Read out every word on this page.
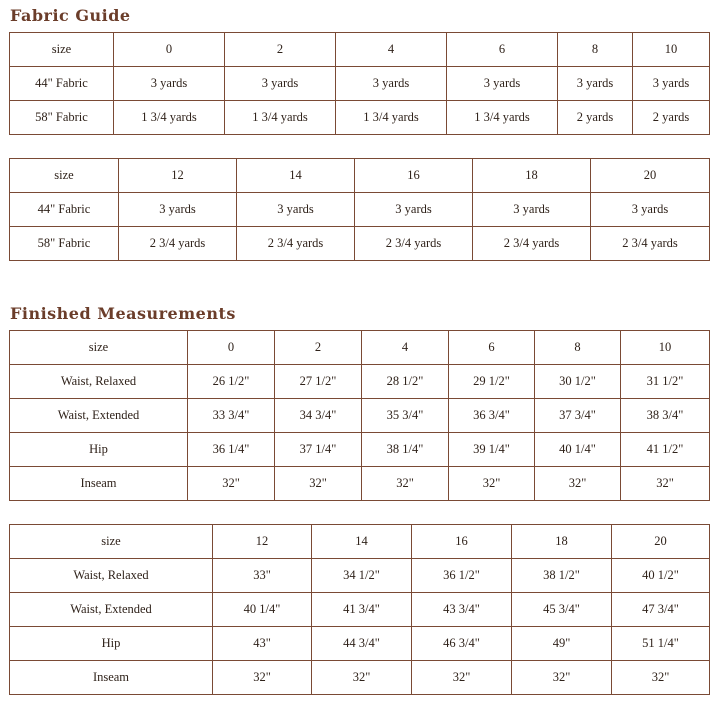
Fabric Guide
size	0	2	4	6	8	10
44" Fabric	3 yards	3 yards	3 yards	3 yards	3 yards	3 yards
58" Fabric	1 3/4 yards	1 3/4 yards	1 3/4 yards	1 3/4 yards	2 yards	2 yards
size	12	14	16	18	20
44" Fabric	3 yards	3 yards	3 yards	3 yards	3 yards
58" Fabric	2 3/4 yards	2 3/4 yards	2 3/4 yards	2 3/4 yards	2 3/4 yards
Finished Measurements
size	0	2	4	6	8	10
Waist, Relaxed	26 1/2"	27 1/2"	28 1/2"	29 1/2"	30 1/2"	31 1/2"
Waist, Extended	33 3/4"	34 3/4"	35 3/4"	36 3/4"	37 3/4"	38 3/4"
Hip	36 1/4"	37 1/4"	38 1/4"	39 1/4"	40 1/4"	41 1/2"
Inseam	32"	32"	32"	32"	32"	32"
size	12	14	16	18	20
Waist, Relaxed	33"	34 1/2"	36 1/2"	38 1/2"	40 1/2"
Waist, Extended	40 1/4"	41 3/4"	43 3/4"	45 3/4"	47 3/4"
Hip	43"	44 3/4"	46 3/4"	49"	51 1/4"
Inseam	32"	32"	32"	32"	32"
